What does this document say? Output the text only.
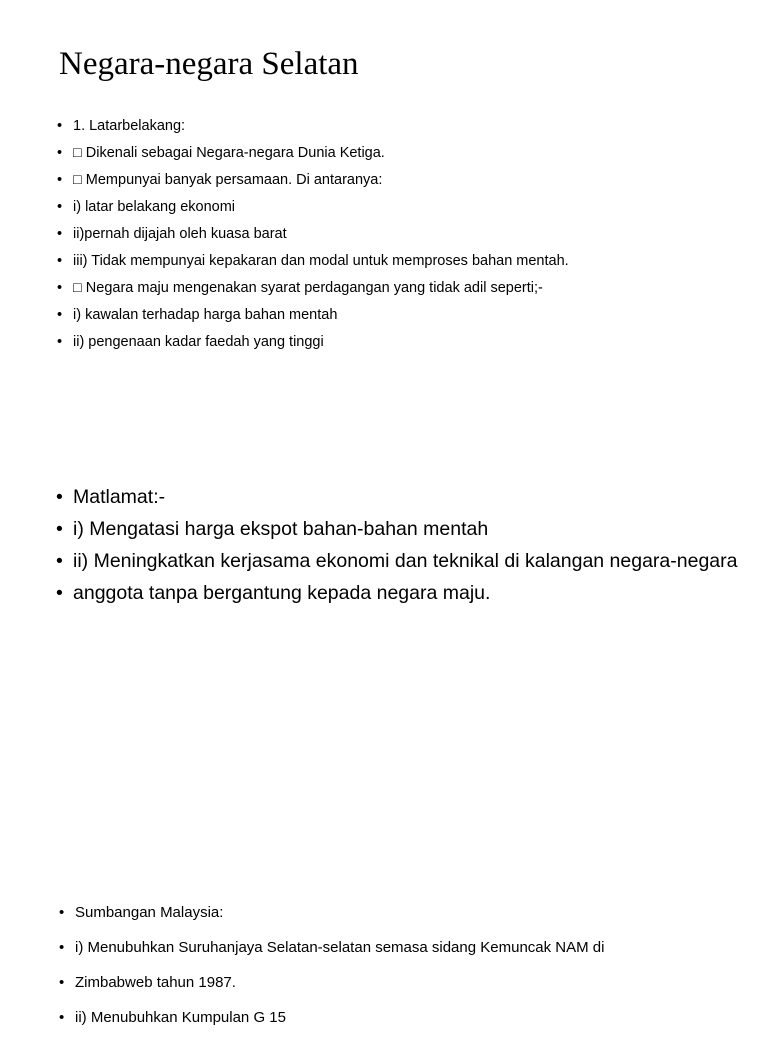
Negara-negara Selatan
• 1. Latarbelakang:
• □ Dikenali sebagai Negara-negara Dunia Ketiga.
• □ Mempunyai banyak persamaan. Di antaranya:
• i) latar belakang ekonomi
• ii)pernah dijajah oleh kuasa barat
• iii) Tidak mempunyai kepakaran dan modal untuk memproses bahan mentah.
• □ Negara maju mengenakan syarat perdagangan yang tidak adil seperti;-
• i) kawalan terhadap harga bahan mentah
• ii) pengenaan kadar faedah yang tinggi
• Matlamat:-
• i) Mengatasi harga ekspot bahan-bahan mentah
• ii) Meningkatkan kerjasama ekonomi dan teknikal di kalangan negara-negara
• anggota tanpa bergantung kepada negara maju.
• Sumbangan Malaysia:
• i) Menubuhkan Suruhanjaya Selatan-selatan semasa sidang Kemuncak NAM di
• Zimbabweb tahun 1987.
• ii) Menubuhkan Kumpulan G 15
